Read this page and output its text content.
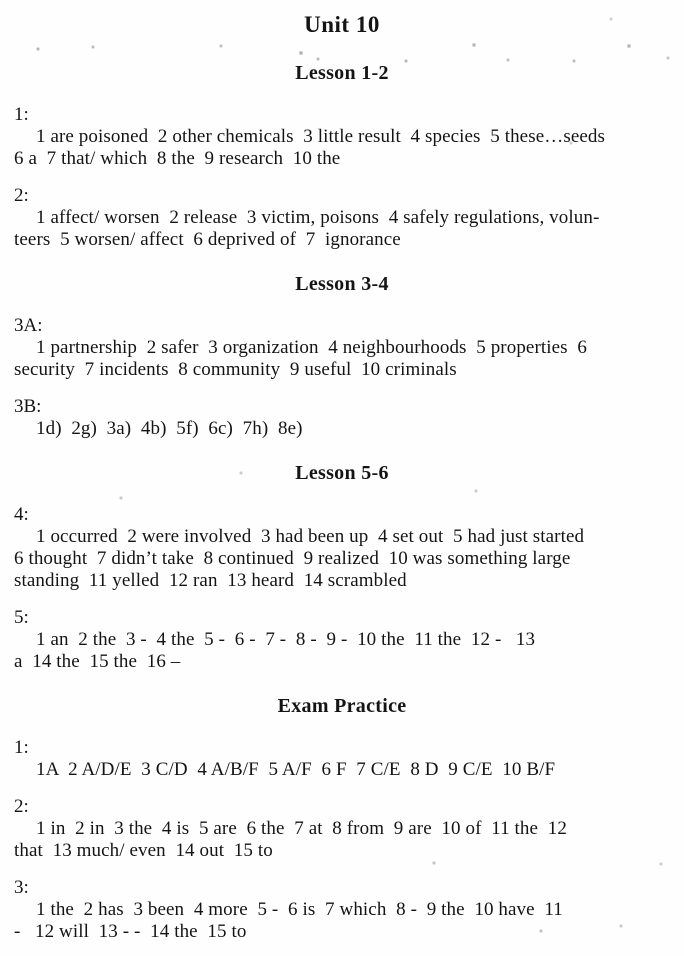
Unit 10
Lesson 1-2
1:
1 are poisoned  2 other chemicals  3 little result  4 species  5 these…seeds
6 a  7 that/ which  8 the  9 research  10 the
2:
1 affect/ worsen  2 release  3 victim, poisons  4 safely regulations, volun-
teers  5 worsen/ affect  6 deprived of  7  ignorance
Lesson 3-4
3A:
1 partnership  2 safer  3 organization  4 neighbourhoods  5 properties  6
security  7 incidents  8 community  9 useful  10 criminals
3B:
1d)  2g)  3a)  4b)  5f)  6c)  7h)  8e)
Lesson 5-6
4:
1 occurred  2 were involved  3 had been up  4 set out  5 had just started
6 thought  7 didn’t take  8 continued  9 realized  10 was something large
standing  11 yelled  12 ran  13 heard  14 scrambled
5:
1 an  2 the  3 -  4 the  5 -  6 -  7 -  8 -  9 -  10 the  11 the  12 -   13
a  14 the  15 the  16 –
Exam Practice
1:
1A  2 A/D/E  3 C/D  4 A/B/F  5 A/F  6 F  7 C/E  8 D  9 C/E  10 B/F
2:
1 in  2 in  3 the  4 is  5 are  6 the  7 at  8 from  9 are  10 of  11 the  12
that  13 much/ even  14 out  15 to
3:
1 the  2 has  3 been  4 more  5 -  6 is  7 which  8 -  9 the  10 have  11
-   12 will  13 - -  14 the  15 to
